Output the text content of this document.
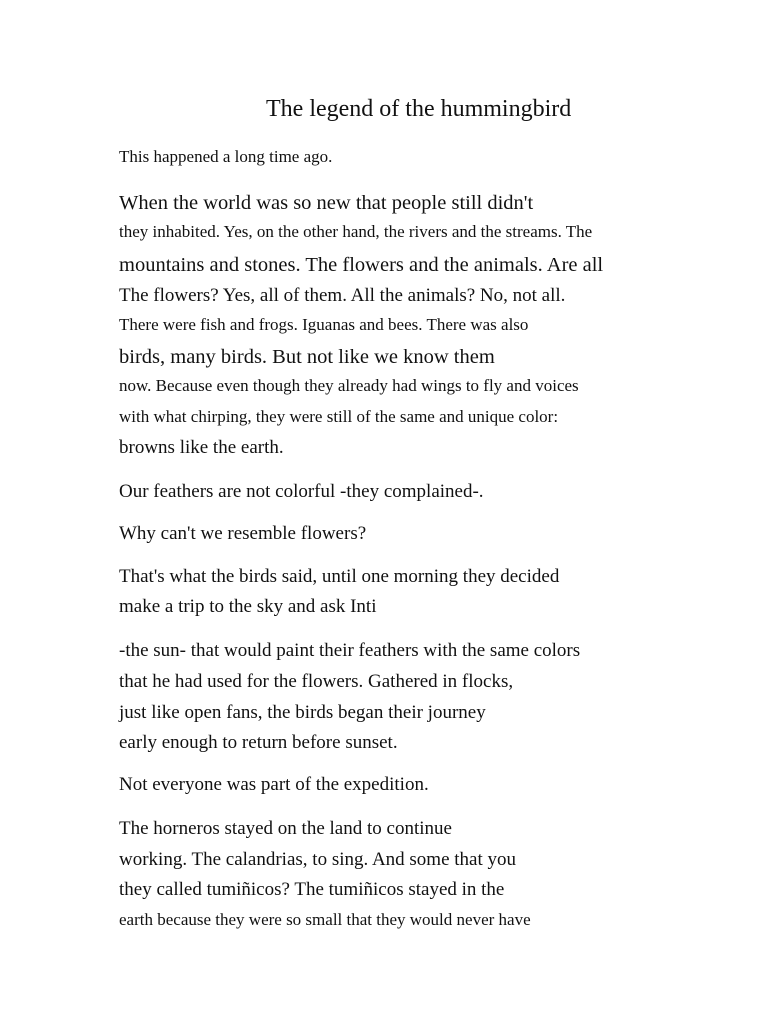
The legend of the hummingbird

This happened a long time ago.

When the world was so new that people still didn't

they inhabited. Yes, on the other hand, the rivers and the streams. The

mountains and stones. The flowers and the animals. Are all

The flowers? Yes, all of them. All the animals? No, not all.

There were fish and frogs. Iguanas and bees. There was also

birds, many birds. But not like we know them

now. Because even though they already had wings to fly and voices

with what chirping, they were still of the same and unique color:

browns like the earth.

Our feathers are not colorful -they complained-.

Why can't we resemble flowers?

That's what the birds said, until one morning they decided

make a trip to the sky and ask Inti

-the sun- that would paint their feathers with the same colors

that he had used for the flowers. Gathered in flocks,

just like open fans, the birds began their journey

early enough to return before sunset.

Not everyone was part of the expedition.

The horneros stayed on the land to continue

working. The calandrias, to sing. And some that you

they called tumiñicos? The tumiñicos stayed in the

earth because they were so small that they would never have
